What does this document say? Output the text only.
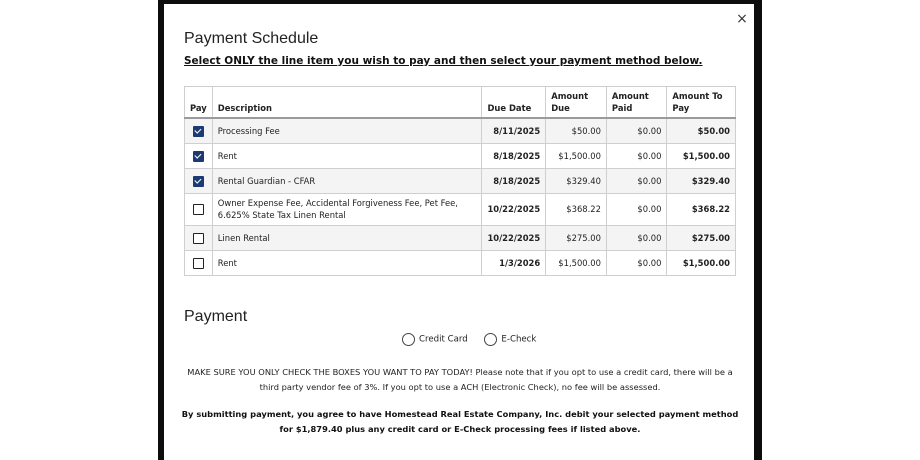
×
Payment Schedule
Select ONLY the line item you wish to pay and then select your payment method below.
Pay	Description	Due Date	Amount Due	Amount Paid	Amount To Pay
	Processing Fee	8/11/2025	$50.00	$0.00	$50.00
	Rent	8/18/2025	$1,500.00	$0.00	$1,500.00
	Rental Guardian - CFAR	8/18/2025	$329.40	$0.00	$329.40
	Owner Expense Fee, Accidental Forgiveness Fee, Pet Fee, 6.625% State Tax Linen Rental	10/22/2025	$368.22	$0.00	$368.22
	Linen Rental	10/22/2025	$275.00	$0.00	$275.00
	Rent	1/3/2026	$1,500.00	$0.00	$1,500.00
Payment
Credit Card	E-Check
MAKE SURE YOU ONLY CHECK THE BOXES YOU WANT TO PAY TODAY! Please note that if you opt to use a credit card, there will be a third party vendor fee of 3%. If you opt to use a ACH (Electronic Check), no fee will be assessed.
By submitting payment, you agree to have Homestead Real Estate Company, Inc. debit your selected payment method for $1,879.40 plus any credit card or E-Check processing fees if listed above.
